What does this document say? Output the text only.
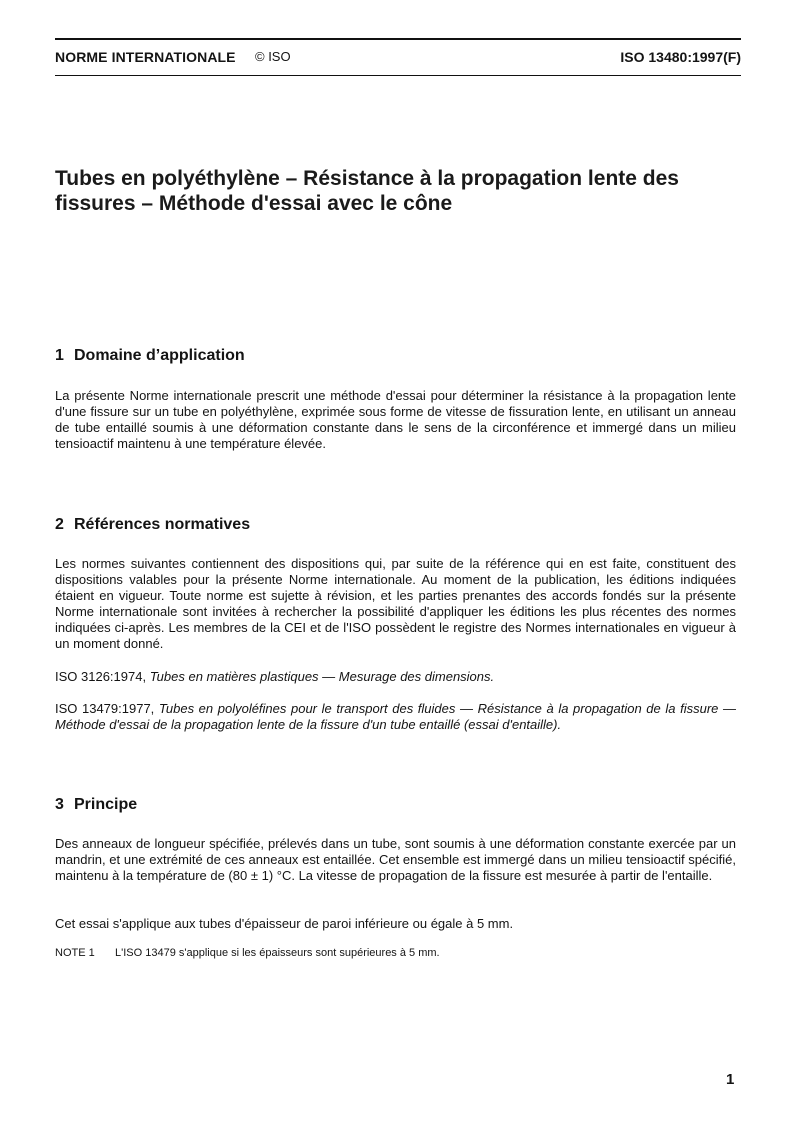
NORME INTERNATIONALE © ISO	ISO 13480:1997(F)
Tubes en polyéthylène – Résistance à la propagation lente des fissures – Méthode d'essai avec le cône
1 Domaine d’application
La présente Norme internationale prescrit une méthode d'essai pour déterminer la résistance à la propagation lente d'une fissure sur un tube en polyéthylène, exprimée sous forme de vitesse de fissuration lente, en utilisant un anneau de tube entaillé soumis à une déformation constante dans le sens de la circonférence et immergé dans un milieu tensioactif maintenu à une température élevée.
2 Références normatives
Les normes suivantes contiennent des dispositions qui, par suite de la référence qui en est faite, constituent des dispositions valables pour la présente Norme internationale. Au moment de la publication, les éditions indiquées étaient en vigueur. Toute norme est sujette à révision, et les parties prenantes des accords fondés sur la présente Norme internationale sont invitées à rechercher la possibilité d'appliquer les éditions les plus récentes des normes indiquées ci-après. Les membres de la CEI et de l'ISO possèdent le registre des Normes internationales en vigueur à un moment donné.
ISO 3126:1974, Tubes en matières plastiques — Mesurage des dimensions.
ISO 13479:1977, Tubes en polyoléfines pour le transport des fluides — Résistance à la propagation de la fissure — Méthode d'essai de la propagation lente de la fissure d'un tube entaillé (essai d'entaille).
3 Principe
Des anneaux de longueur spécifiée, prélevés dans un tube, sont soumis à une déformation constante exercée par un mandrin, et une extrémité de ces anneaux est entaillée. Cet ensemble est immergé dans un milieu tensioactif spécifié, maintenu à la température de (80 ± 1) °C. La vitesse de propagation de la fissure est mesurée à partir de l'entaille.
Cet essai s'applique aux tubes d'épaisseur de paroi inférieure ou égale à 5 mm.
NOTE 1 L'ISO 13479 s'applique si les épaisseurs sont supérieures à 5 mm.
1
